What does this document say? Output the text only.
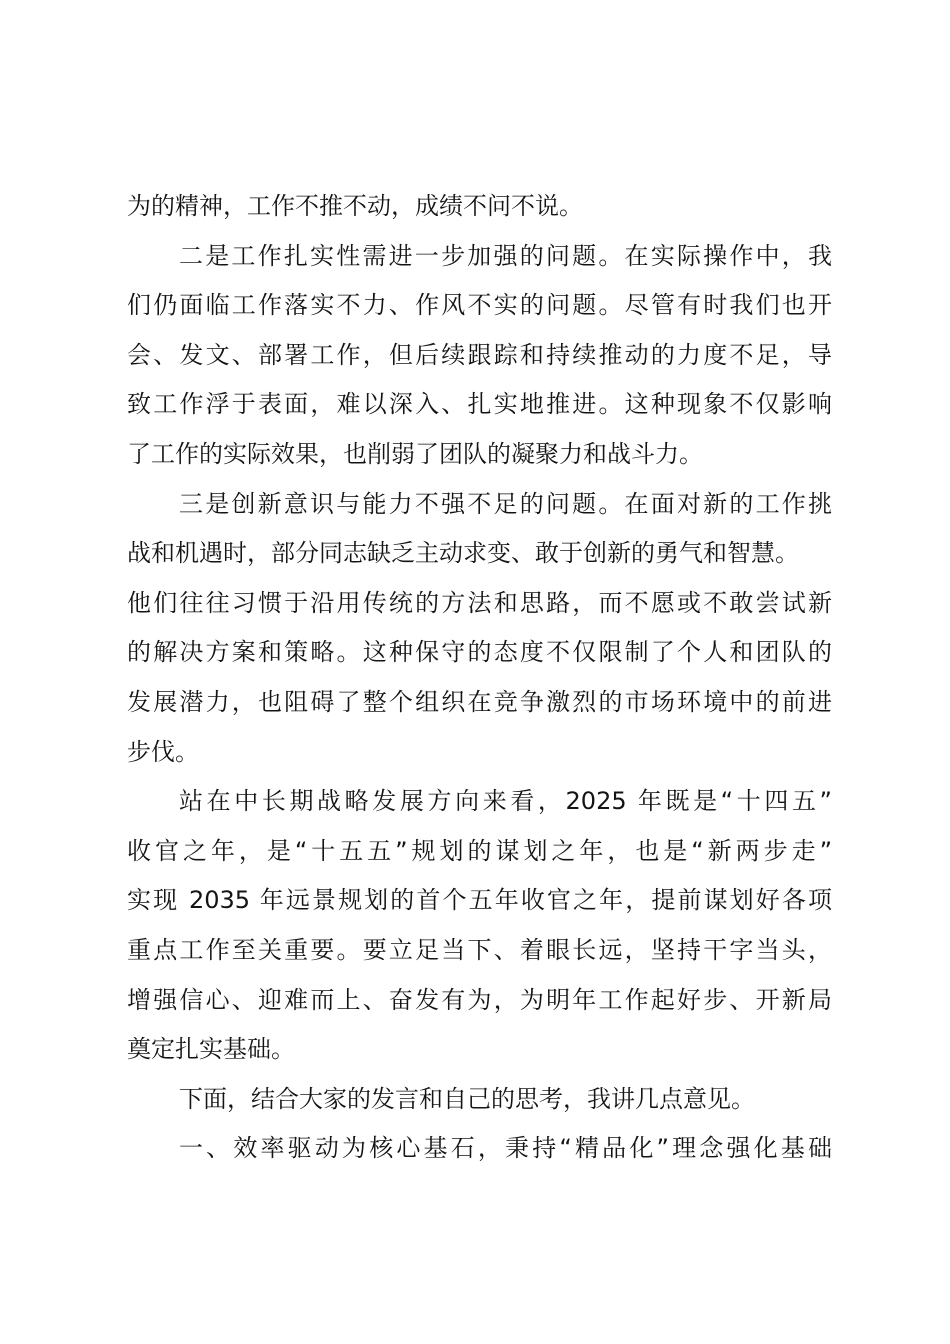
为的精神，工作不推不动，成绩不问不说。
二是工作扎实性需进一步加强的问题。在实际操作中，我
们仍面临工作落实不力、作风不实的问题。尽管有时我们也开
会、发文、部署工作，但后续跟踪和持续推动的力度不足，导
致工作浮于表面，难以深入、扎实地推进。这种现象不仅影响
了工作的实际效果，也削弱了团队的凝聚力和战斗力。
三是创新意识与能力不强不足的问题。在面对新的工作挑
战和机遇时，部分同志缺乏主动求变、敢于创新的勇气和智慧。
他们往往习惯于沿用传统的方法和思路，而不愿或不敢尝试新
的解决方案和策略。这种保守的态度不仅限制了个人和团队的
发展潜力，也阻碍了整个组织在竞争激烈的市场环境中的前进
步伐。
站在中长期战略发展方向来看，2025 年既是“十四五”
收官之年，是“十五五”规划的谋划之年，也是“新两步走”
实现 2035 年远景规划的首个五年收官之年，提前谋划好各项
重点工作至关重要。要立足当下、着眼长远，坚持干字当头，
增强信心、迎难而上、奋发有为，为明年工作起好步、开新局
奠定扎实基础。
下面，结合大家的发言和自己的思考，我讲几点意见。
一、效率驱动为核心基石，秉持“精品化”理念强化基础
